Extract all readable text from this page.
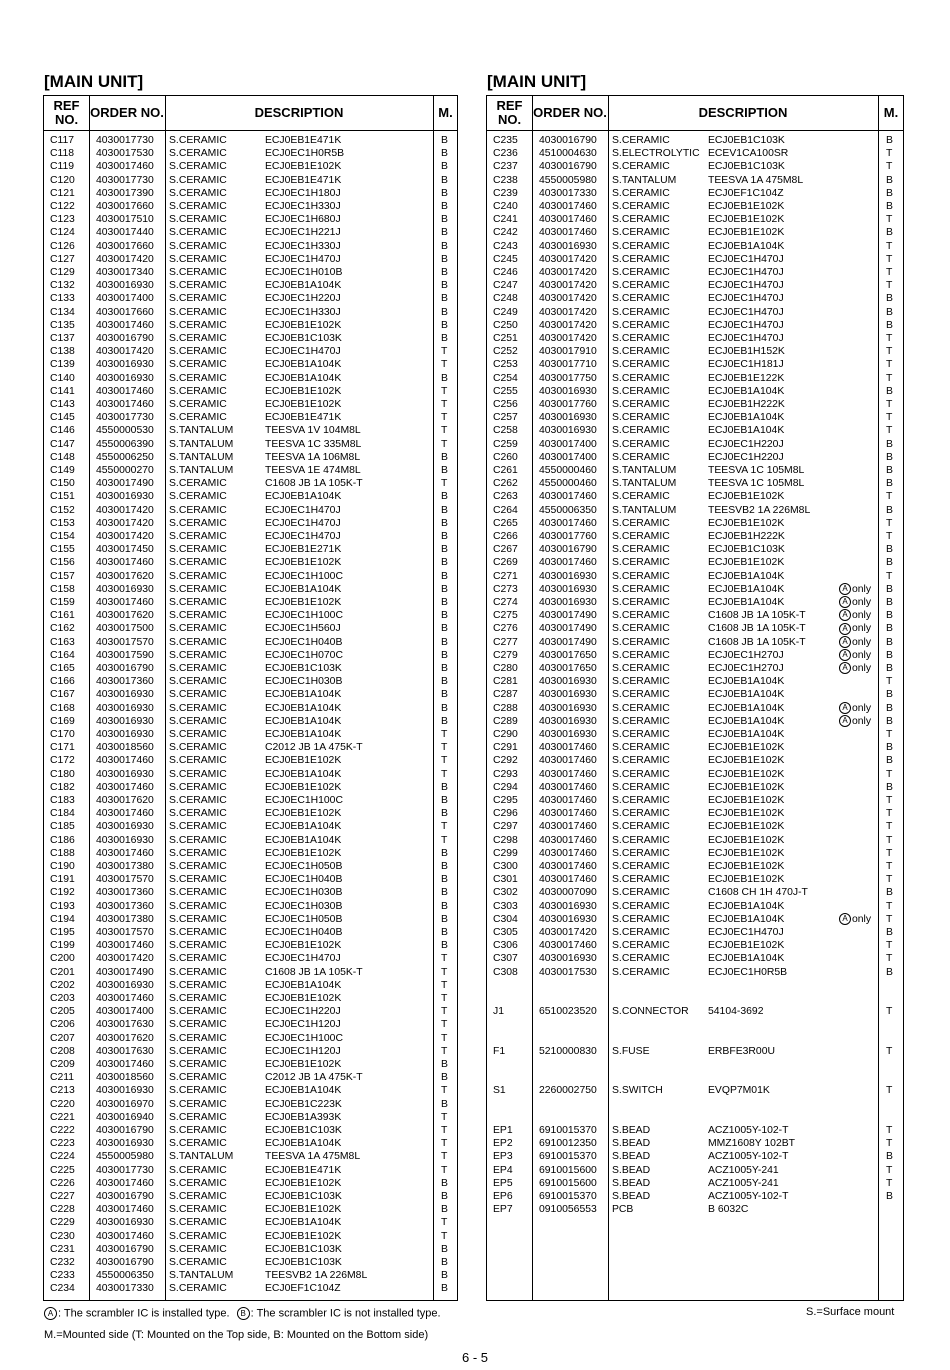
[MAIN UNIT]
REF NO. ORDER NO.	DESCRIPTION	M.
C117 4030017730 S.CERAMIC	ECJ0EB1E471K	B
C118 4030017530 S.CERAMIC	ECJ0EC1H0R5B	B
C119 4030017460 S.CERAMIC	ECJ0EB1E102K	B
C120 4030017730 S.CERAMIC	ECJ0EB1E471K	B
C121 4030017390 S.CERAMIC	ECJ0EC1H180J	B
C122 4030017660 S.CERAMIC	ECJ0EC1H330J	B
C123 4030017510 S.CERAMIC	ECJ0EC1H680J	B
C124 4030017440 S.CERAMIC	ECJ0EC1H221J	B
C126 4030017660 S.CERAMIC	ECJ0EC1H330J	B
C127 4030017420 S.CERAMIC	ECJ0EC1H470J	B
C129 4030017340 S.CERAMIC	ECJ0EC1H010B	B
C132 4030016930 S.CERAMIC	ECJ0EB1A104K	B
C133 4030017400 S.CERAMIC	ECJ0EC1H220J	B
C134 4030017660 S.CERAMIC	ECJ0EC1H330J	B
C135 4030017460 S.CERAMIC	ECJ0EB1E102K	B
C137 4030016790 S.CERAMIC	ECJ0EB1C103K	B
C138 4030017420 S.CERAMIC	ECJ0EC1H470J	T
C139 4030016930 S.CERAMIC	ECJ0EB1A104K	T
C140 4030016930 S.CERAMIC	ECJ0EB1A104K	B
C141 4030017460 S.CERAMIC	ECJ0EB1E102K	T
C143 4030017460 S.CERAMIC	ECJ0EB1E102K	T
C145 4030017730 S.CERAMIC	ECJ0EB1E471K	T
C146 4550000530 S.TANTALUM	TEESVA 1V 104M8L	T
C147 4550006390 S.TANTALUM	TEESVA 1C 335M8L	T
C148 4550006250 S.TANTALUM	TEESVA 1A 106M8L	B
C149 4550000270 S.TANTALUM	TEESVA 1E 474M8L	B
C150 4030017490 S.CERAMIC	C1608 JB 1A 105K-T	T
C151 4030016930 S.CERAMIC	ECJ0EB1A104K	B
C152 4030017420 S.CERAMIC	ECJ0EC1H470J	B
C153 4030017420 S.CERAMIC	ECJ0EC1H470J	B
C154 4030017420 S.CERAMIC	ECJ0EC1H470J	B
C155 4030017450 S.CERAMIC	ECJ0EB1E271K	B
C156 4030017460 S.CERAMIC	ECJ0EB1E102K	B
C157 4030017620 S.CERAMIC	ECJ0EC1H100C	B
C158 4030016930 S.CERAMIC	ECJ0EB1A104K	B
C159 4030017460 S.CERAMIC	ECJ0EB1E102K	B
C161 4030017620 S.CERAMIC	ECJ0EC1H100C	B
C162 4030017500 S.CERAMIC	ECJ0EC1H560J	B
C163 4030017570 S.CERAMIC	ECJ0EC1H040B	B
C164 4030017590 S.CERAMIC	ECJ0EC1H070C	B
C165 4030016790 S.CERAMIC	ECJ0EB1C103K	B
C166 4030017360 S.CERAMIC	ECJ0EC1H030B	B
C167 4030016930 S.CERAMIC	ECJ0EB1A104K	B
C168 4030016930 S.CERAMIC	ECJ0EB1A104K	B
C169 4030016930 S.CERAMIC	ECJ0EB1A104K	B
C170 4030016930 S.CERAMIC	ECJ0EB1A104K	T
C171 4030018560 S.CERAMIC	C2012 JB 1A 475K-T	T
C172 4030017460 S.CERAMIC	ECJ0EB1E102K	T
C180 4030016930 S.CERAMIC	ECJ0EB1A104K	T
C182 4030017460 S.CERAMIC	ECJ0EB1E102K	B
C183 4030017620 S.CERAMIC	ECJ0EC1H100C	B
C184 4030017460 S.CERAMIC	ECJ0EB1E102K	B
C185 4030016930 S.CERAMIC	ECJ0EB1A104K	T
C186 4030016930 S.CERAMIC	ECJ0EB1A104K	T
C188 4030017460 S.CERAMIC	ECJ0EB1E102K	B
C190 4030017380 S.CERAMIC	ECJ0EC1H050B	B
C191 4030017570 S.CERAMIC	ECJ0EC1H040B	B
C192 4030017360 S.CERAMIC	ECJ0EC1H030B	B
C193 4030017360 S.CERAMIC	ECJ0EC1H030B	B
C194 4030017380 S.CERAMIC	ECJ0EC1H050B	B
C195 4030017570 S.CERAMIC	ECJ0EC1H040B	B
C199 4030017460 S.CERAMIC	ECJ0EB1E102K	B
C200 4030017420 S.CERAMIC	ECJ0EC1H470J	T
C201 4030017490 S.CERAMIC	C1608 JB 1A 105K-T	T
C202 4030016930 S.CERAMIC	ECJ0EB1A104K	T
C203 4030017460 S.CERAMIC	ECJ0EB1E102K	T
C205 4030017400 S.CERAMIC	ECJ0EC1H220J	T
C206 4030017630 S.CERAMIC	ECJ0EC1H120J	T
C207 4030017620 S.CERAMIC	ECJ0EC1H100C	T
C208 4030017630 S.CERAMIC	ECJ0EC1H120J	T
C209 4030017460 S.CERAMIC	ECJ0EB1E102K	B
C211 4030018560 S.CERAMIC	C2012 JB 1A 475K-T	B
C213 4030016930 S.CERAMIC	ECJ0EB1A104K	T
C220 4030016970 S.CERAMIC	ECJ0EB1C223K	B
C221 4030016940 S.CERAMIC	ECJ0EB1A393K	T
C222 4030016790 S.CERAMIC	ECJ0EB1C103K	T
C223 4030016930 S.CERAMIC	ECJ0EB1A104K	T
C224 4550005980 S.TANTALUM	TEESVA 1A 475M8L	T
C225 4030017730 S.CERAMIC	ECJ0EB1E471K	T
C226 4030017460 S.CERAMIC	ECJ0EB1E102K	B
C227 4030016790 S.CERAMIC	ECJ0EB1C103K	B
C228 4030017460 S.CERAMIC	ECJ0EB1E102K	B
C229 4030016930 S.CERAMIC	ECJ0EB1A104K	T
C230 4030017460 S.CERAMIC	ECJ0EB1E102K	T
C231 4030016790 S.CERAMIC	ECJ0EB1C103K	B
C232 4030016790 S.CERAMIC	ECJ0EB1C103K	B
C233 4550006350 S.TANTALUM	TEESVB2 1A 226M8L	B
C234 4030017330 S.CERAMIC	ECJ0EF1C104Z	B
[MAIN UNIT]
REF NO. ORDER NO.	DESCRIPTION	M.
C235 4030016790 S.CERAMIC	ECJ0EB1C103K	B
C236 4510004630 S.ELECTROLYTIC ECEV1CA100SR	T
C237 4030016790 S.CERAMIC	ECJ0EB1C103K	T
C238 4550005980 S.TANTALUM	TEESVA 1A 475M8L	B
C239 4030017330 S.CERAMIC	ECJ0EF1C104Z	B
C240 4030017460 S.CERAMIC	ECJ0EB1E102K	B
C241 4030017460 S.CERAMIC	ECJ0EB1E102K	T
C242 4030017460 S.CERAMIC	ECJ0EB1E102K	B
C243 4030016930 S.CERAMIC	ECJ0EB1A104K	T
C245 4030017420 S.CERAMIC	ECJ0EC1H470J	T
C246 4030017420 S.CERAMIC	ECJ0EC1H470J	T
C247 4030017420 S.CERAMIC	ECJ0EC1H470J	T
C248 4030017420 S.CERAMIC	ECJ0EC1H470J	B
C249 4030017420 S.CERAMIC	ECJ0EC1H470J	B
C250 4030017420 S.CERAMIC	ECJ0EC1H470J	B
C251 4030017420 S.CERAMIC	ECJ0EC1H470J	T
C252 4030017910 S.CERAMIC	ECJ0EB1H152K	T
C253 4030017710 S.CERAMIC	ECJ0EC1H181J	T
C254 4030017750 S.CERAMIC	ECJ0EB1E122K	T
C255 4030016930 S.CERAMIC	ECJ0EB1A104K	B
C256 4030017760 S.CERAMIC	ECJ0EB1H222K	T
C257 4030016930 S.CERAMIC	ECJ0EB1A104K	T
C258 4030016930 S.CERAMIC	ECJ0EB1A104K	T
C259 4030017400 S.CERAMIC	ECJ0EC1H220J	B
C260 4030017400 S.CERAMIC	ECJ0EC1H220J	B
C261 4550000460 S.TANTALUM	TEESVA 1C 105M8L	B
C262 4550000460 S.TANTALUM	TEESVA 1C 105M8L	B
C263 4030017460 S.CERAMIC	ECJ0EB1E102K	T
C264 4550006350 S.TANTALUM	TEESVB2 1A 226M8L	B
C265 4030017460 S.CERAMIC	ECJ0EB1E102K	T
C266 4030017760 S.CERAMIC	ECJ0EB1H222K	T
C267 4030016790 S.CERAMIC	ECJ0EB1C103K	B
C269 4030017460 S.CERAMIC	ECJ0EB1E102K	B
C271 4030016930 S.CERAMIC	ECJ0EB1A104K	T
C273 4030016930 S.CERAMIC	ECJ0EB1A104K	A only B
C274 4030016930 S.CERAMIC	ECJ0EB1A104K	A only B
C275 4030017490 S.CERAMIC	C1608 JB 1A 105K-T	A only B
C276 4030017490 S.CERAMIC	C1608 JB 1A 105K-T	A only B
C277 4030017490 S.CERAMIC	C1608 JB 1A 105K-T	A only B
C279 4030017650 S.CERAMIC	ECJ0EC1H270J	A only B
C280 4030017650 S.CERAMIC	ECJ0EC1H270J	A only B
C281 4030016930 S.CERAMIC	ECJ0EB1A104K	T
C287 4030016930 S.CERAMIC	ECJ0EB1A104K	B
C288 4030016930 S.CERAMIC	ECJ0EB1A104K	A only B
C289 4030016930 S.CERAMIC	ECJ0EB1A104K	A only B
C290 4030016930 S.CERAMIC	ECJ0EB1A104K	T
C291 4030017460 S.CERAMIC	ECJ0EB1E102K	B
C292 4030017460 S.CERAMIC	ECJ0EB1E102K	B
C293 4030017460 S.CERAMIC	ECJ0EB1E102K	T
C294 4030017460 S.CERAMIC	ECJ0EB1E102K	B
C295 4030017460 S.CERAMIC	ECJ0EB1E102K	T
C296 4030017460 S.CERAMIC	ECJ0EB1E102K	T
C297 4030017460 S.CERAMIC	ECJ0EB1E102K	T
C298 4030017460 S.CERAMIC	ECJ0EB1E102K	T
C299 4030017460 S.CERAMIC	ECJ0EB1E102K	T
C300 4030017460 S.CERAMIC	ECJ0EB1E102K	T
C301 4030017460 S.CERAMIC	ECJ0EB1E102K	T
C302 4030007090 S.CERAMIC	C1608 CH 1H 470J-T	B
C303 4030016930 S.CERAMIC	ECJ0EB1A104K	T
C304 4030016930 S.CERAMIC	ECJ0EB1A104K	A only T
C305 4030017420 S.CERAMIC	ECJ0EC1H470J	B
C306 4030017460 S.CERAMIC	ECJ0EB1E102K	T
C307 4030016930 S.CERAMIC	ECJ0EB1A104K	T
C308 4030017530 S.CERAMIC	ECJ0EC1H0R5B	B
J1	6510023520 S.CONNECTOR 54104-3692	T
F1	5210000830 S.FUSE	ERBFE3R00U	T
S1	2260002750 S.SWITCH	EVQP7M01K	T
EP1	6910015370 S.BEAD	ACZ1005Y-102-T	T
EP2	6910012350 S.BEAD	MMZ1608Y 102BT	T
EP3	6910015370 S.BEAD	ACZ1005Y-102-T	B
EP4	6910015600 S.BEAD	ACZ1005Y-241	T
EP5	6910015600 S.BEAD	ACZ1005Y-241	T
EP6	6910015370 S.BEAD	ACZ1005Y-102-T	B
EP7	0910056553 PCB	B 6032C
A : The scrambler IC is installed type. B : The scrambler IC is not installed type.
M.=Mounted side (T: Mounted on the Top side, B: Mounted on the Bottom side)
S.=Surface mount
6 - 5
